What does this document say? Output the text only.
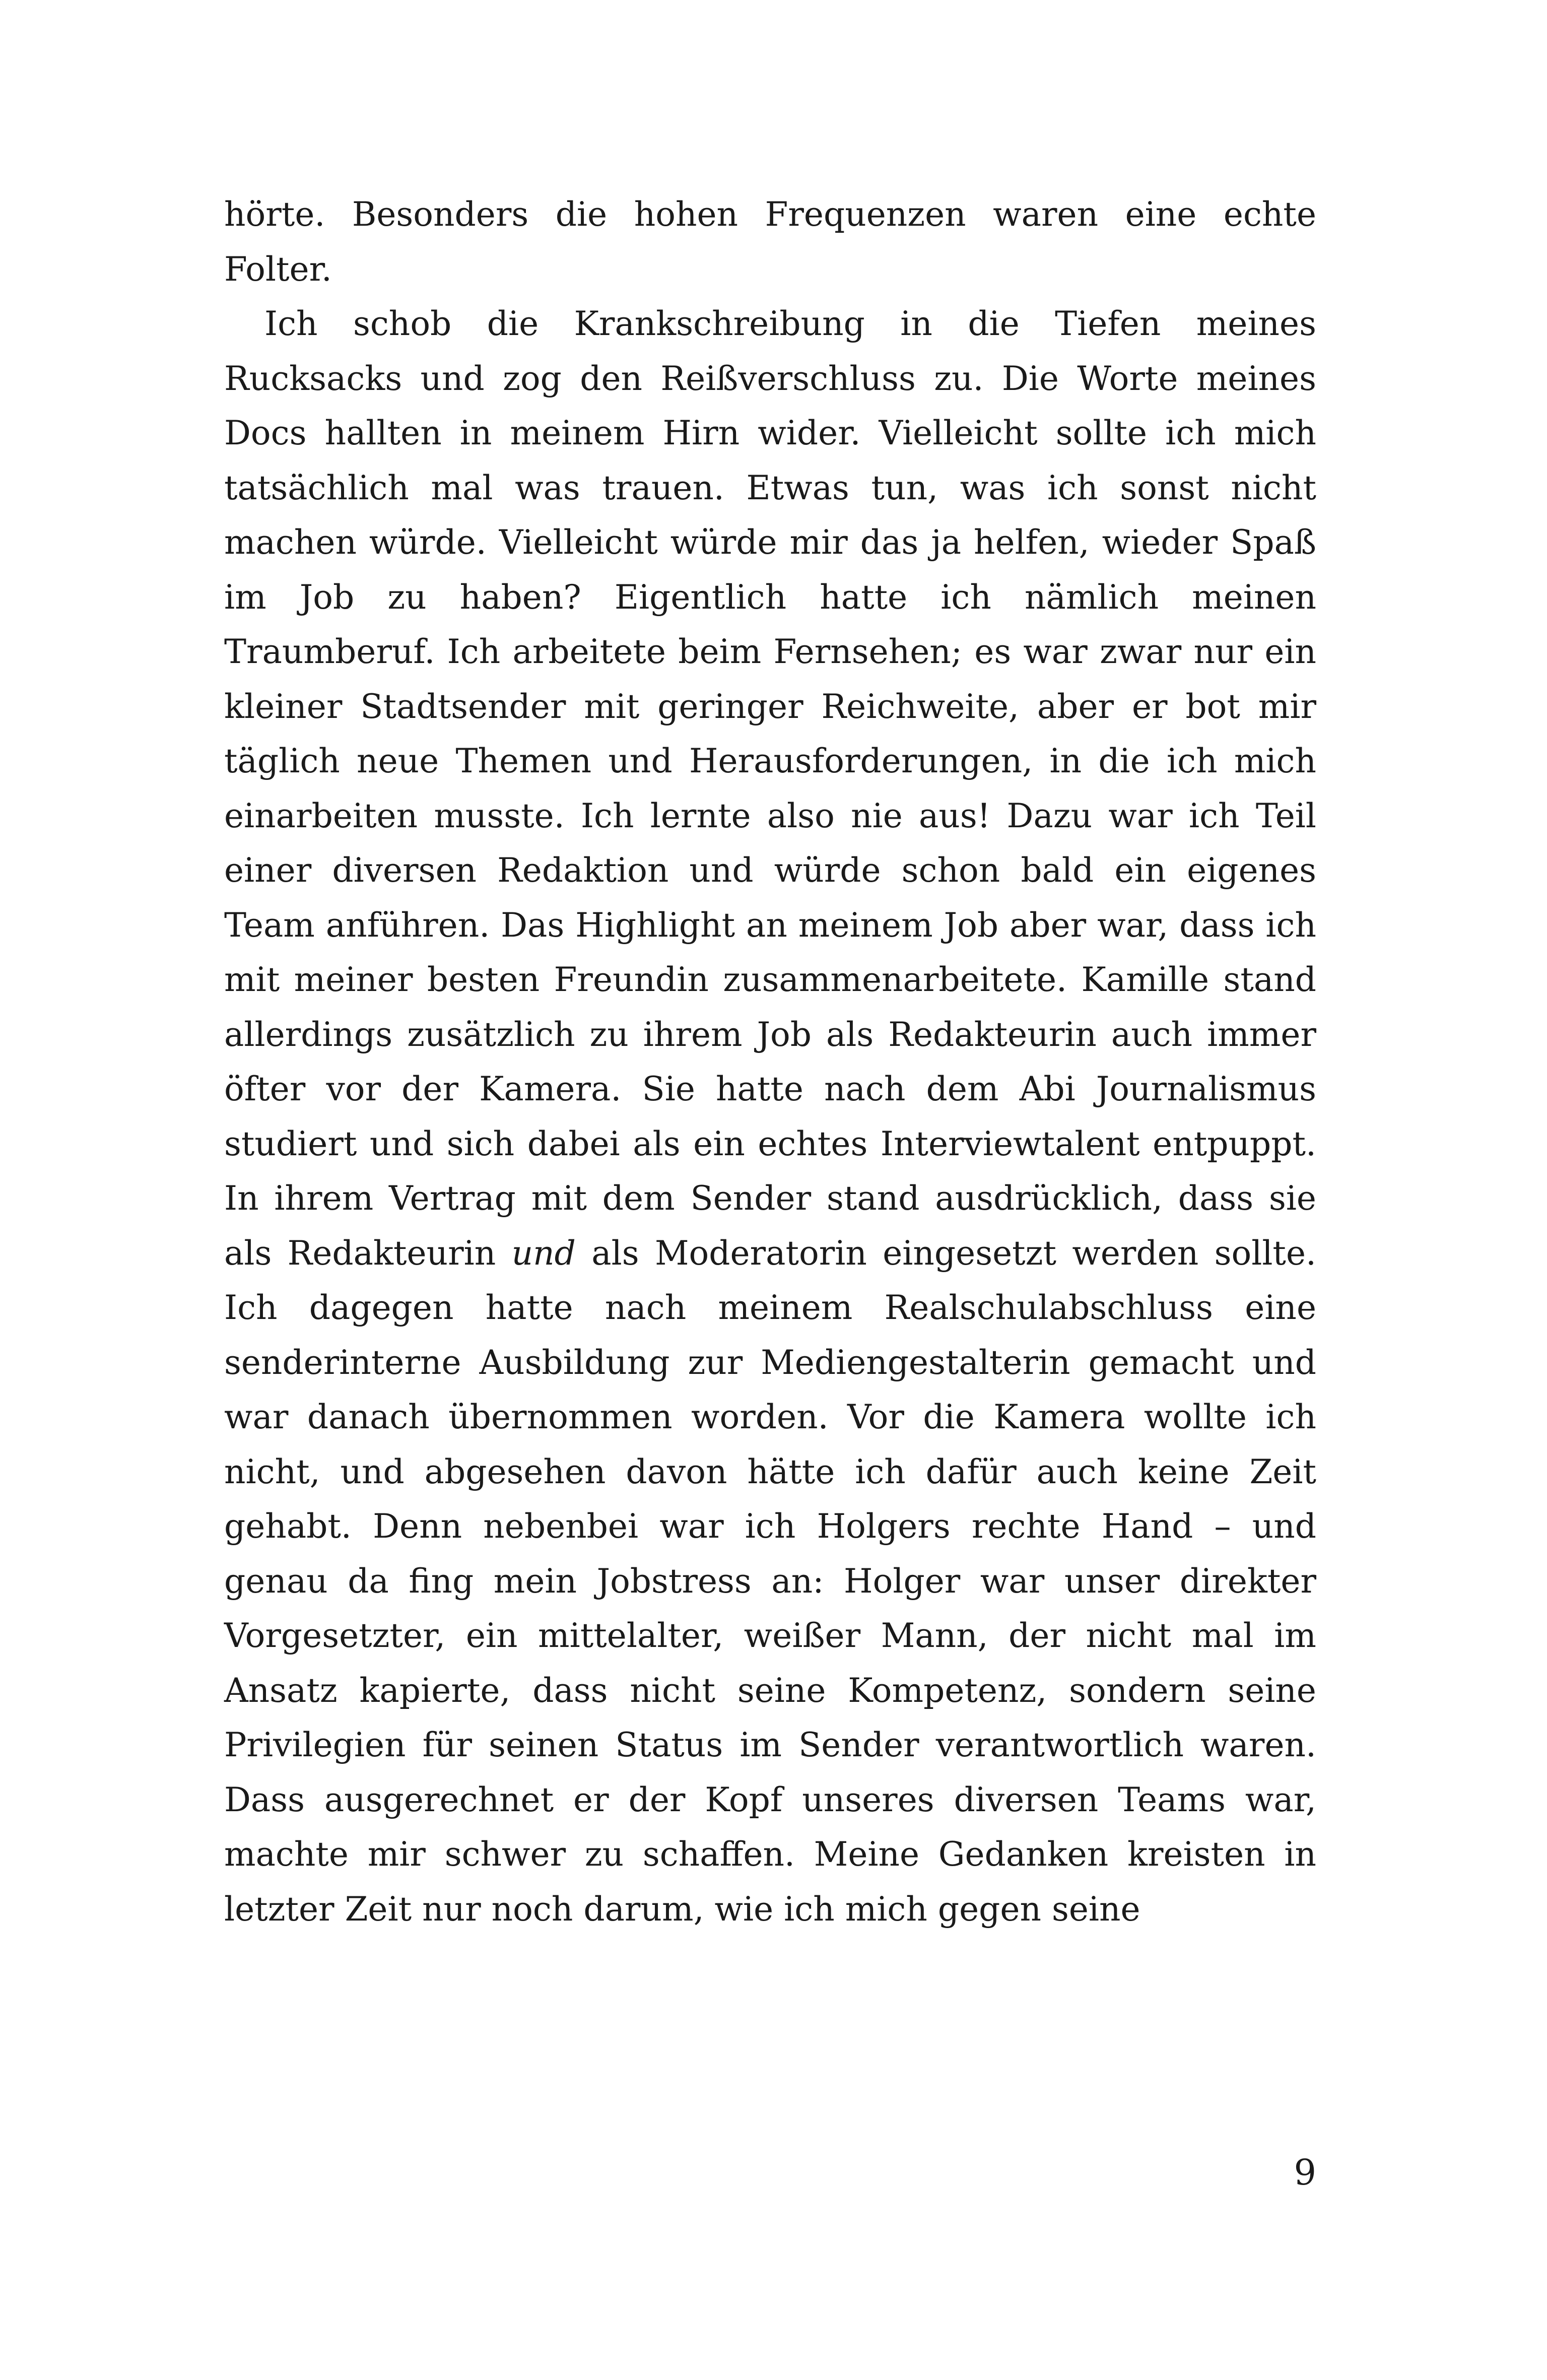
hörte. Besonders die hohen Frequenzen waren eine echte Folter.

Ich schob die Krankschreibung in die Tiefen meines Rucksacks und zog den Reißverschluss zu. Die Worte meines Docs hallten in meinem Hirn wider. Vielleicht sollte ich mich tatsächlich mal was trauen. Etwas tun, was ich sonst nicht machen würde. Vielleicht würde mir das ja helfen, wieder Spaß im Job zu haben? Eigentlich hatte ich nämlich meinen Traumberuf. Ich arbeitete beim Fernsehen; es war zwar nur ein kleiner Stadtsender mit geringer Reichweite, aber er bot mir täglich neue Themen und Herausforderungen, in die ich mich einarbeiten musste. Ich lernte also nie aus! Dazu war ich Teil einer diversen Redaktion und würde schon bald ein eigenes Team anführen. Das Highlight an meinem Job aber war, dass ich mit meiner besten Freundin zusammenarbeitete. Kamille stand allerdings zusätzlich zu ihrem Job als Redakteurin auch immer öfter vor der Kamera. Sie hatte nach dem Abi Journalismus studiert und sich dabei als ein echtes Interviewtalent entpuppt. In ihrem Vertrag mit dem Sender stand ausdrücklich, dass sie als Redakteurin und als Moderatorin eingesetzt werden sollte. Ich dagegen hatte nach meinem Realschulabschluss eine senderinterne Ausbildung zur Mediengestalterin gemacht und war danach übernommen worden. Vor die Kamera wollte ich nicht, und abgesehen davon hätte ich dafür auch keine Zeit gehabt. Denn nebenbei war ich Holgers rechte Hand – und genau da fing mein Jobstress an: Holger war unser direkter Vorgesetzter, ein mittelalter, weißer Mann, der nicht mal im Ansatz kapierte, dass nicht seine Kompetenz, sondern seine Privilegien für seinen Status im Sender verantwortlich waren. Dass ausgerechnet er der Kopf unseres diversen Teams war, machte mir schwer zu schaffen. Meine Gedanken kreisten in letzter Zeit nur noch darum, wie ich mich gegen seine

9
